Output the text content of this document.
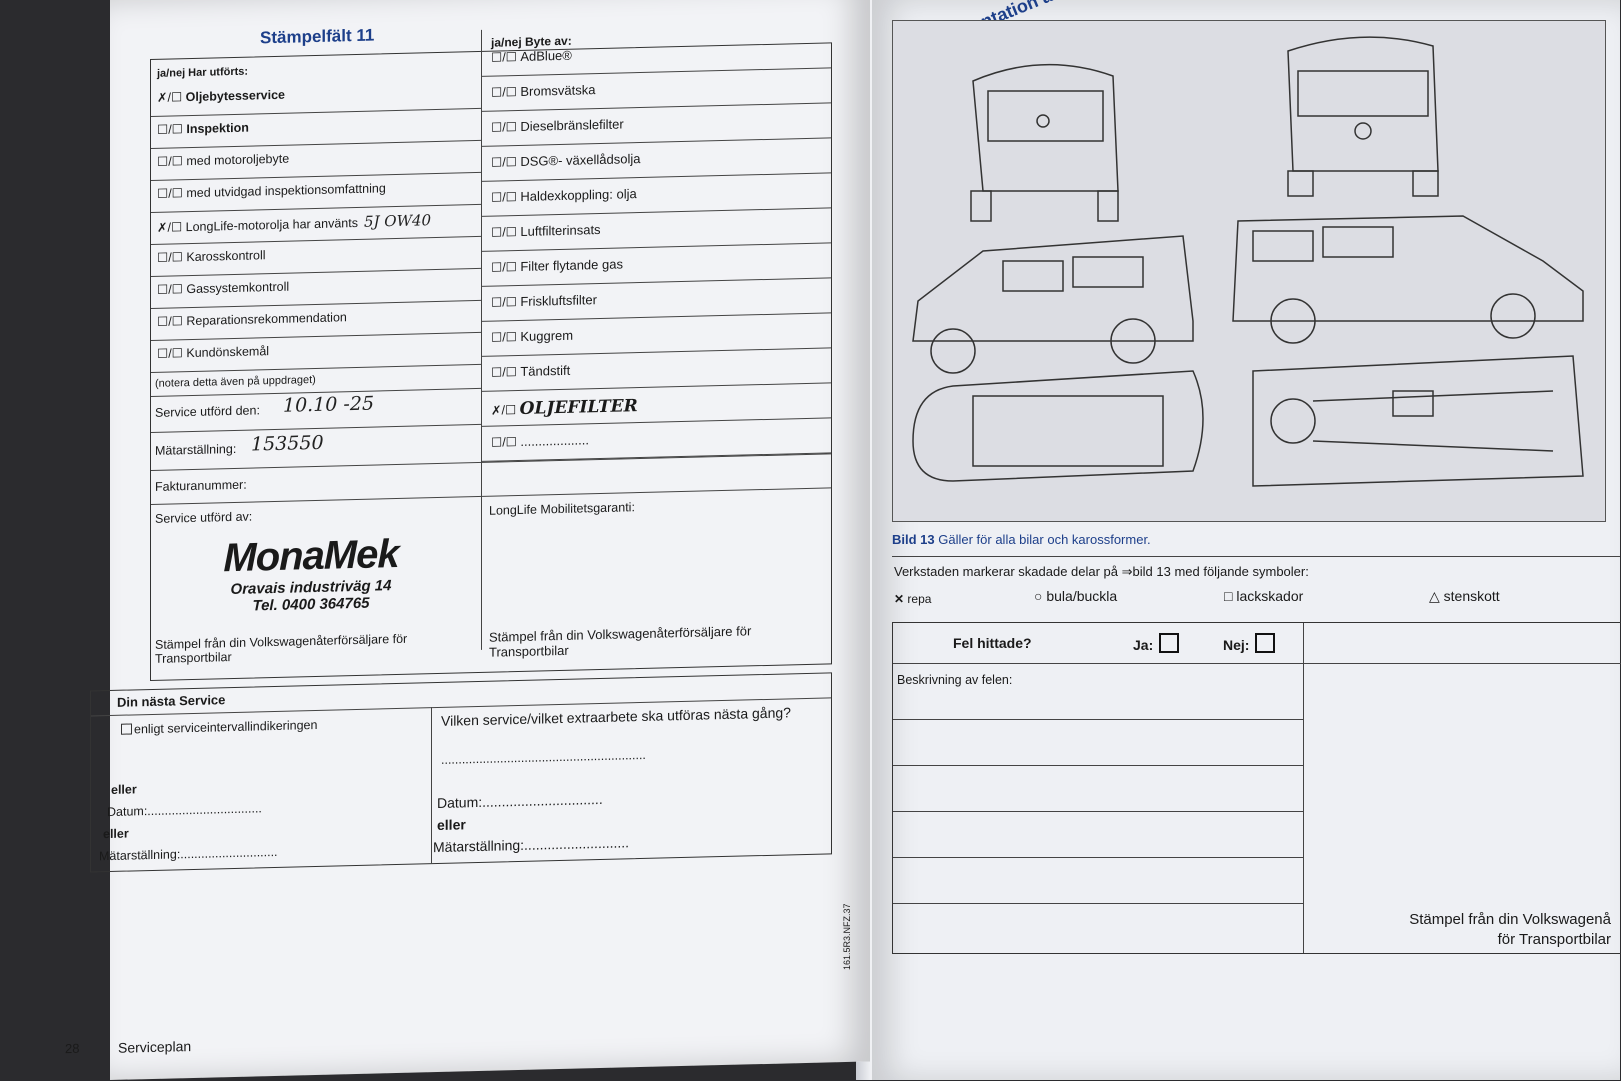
Stämpelfält 11
ja/nej Har utförts:
ja/nej Byte av:
✗/☐ Oljebytesservice
☐/☐ Inspektion
☐/☐ med motoroljebyte
☐/☐ med utvidgad inspektionsomfattning
✗/☐ LongLife-motorolja har använts 5J OW40
☐/☐ Karosskontroll
☐/☐ Gassystemkontroll
☐/☐ Reparationsrekommendation
☐/☐ Kundönskemål
☐/☐ AdBlue®
☐/☐ Bromsvätska
☐/☐ Dieselbränslefilter
☐/☐ DSG®- växellådsolja
☐/☐ Haldexkoppling: olja
☐/☐ Luftfilterinsats
☐/☐ Filter flytande gas
☐/☐ Friskluftsfilter
☐/☐ Kuggrem
☐/☐ Tändstift
✗/☐ OLJEFILTER
☐/☐ ...................
(notera detta även på uppdraget)
Service utförd den: 10.10 -25
Mätarställning: 153550
Fakturanummer:
Service utförd av:	LongLife Mobilitetsgaranti:
MonaMek
Oravais industriväg 14
Tel. 0400 364765
Stämpel från din Volkswagenåterförsäljare för Transportbilar
Stämpel från din Volkswagenåterförsäljare för Transportbilar
Din nästa Service
enligt serviceintervallindikeringen
eller
Datum:.................................
eller
Mätarställning:............................
Vilken service/vilket extraarbete ska utföras nästa gång?
...........................................................
Datum:...............................
eller
Mätarställning:...........................
28	Serviceplan
Bild 13 Gäller för alla bilar och karossformer.
Verkstaden markerar skadade delar på ⇒bild 13 med följande symboler:
✕ repa	○ bula/buckla	□ lackskador	△ stenskott
Fel hittade?	Ja:	Nej:
Beskrivning av felen:
Stämpel från din Volkswagenå
för Transportbilar
161.5R3.NFZ.37
